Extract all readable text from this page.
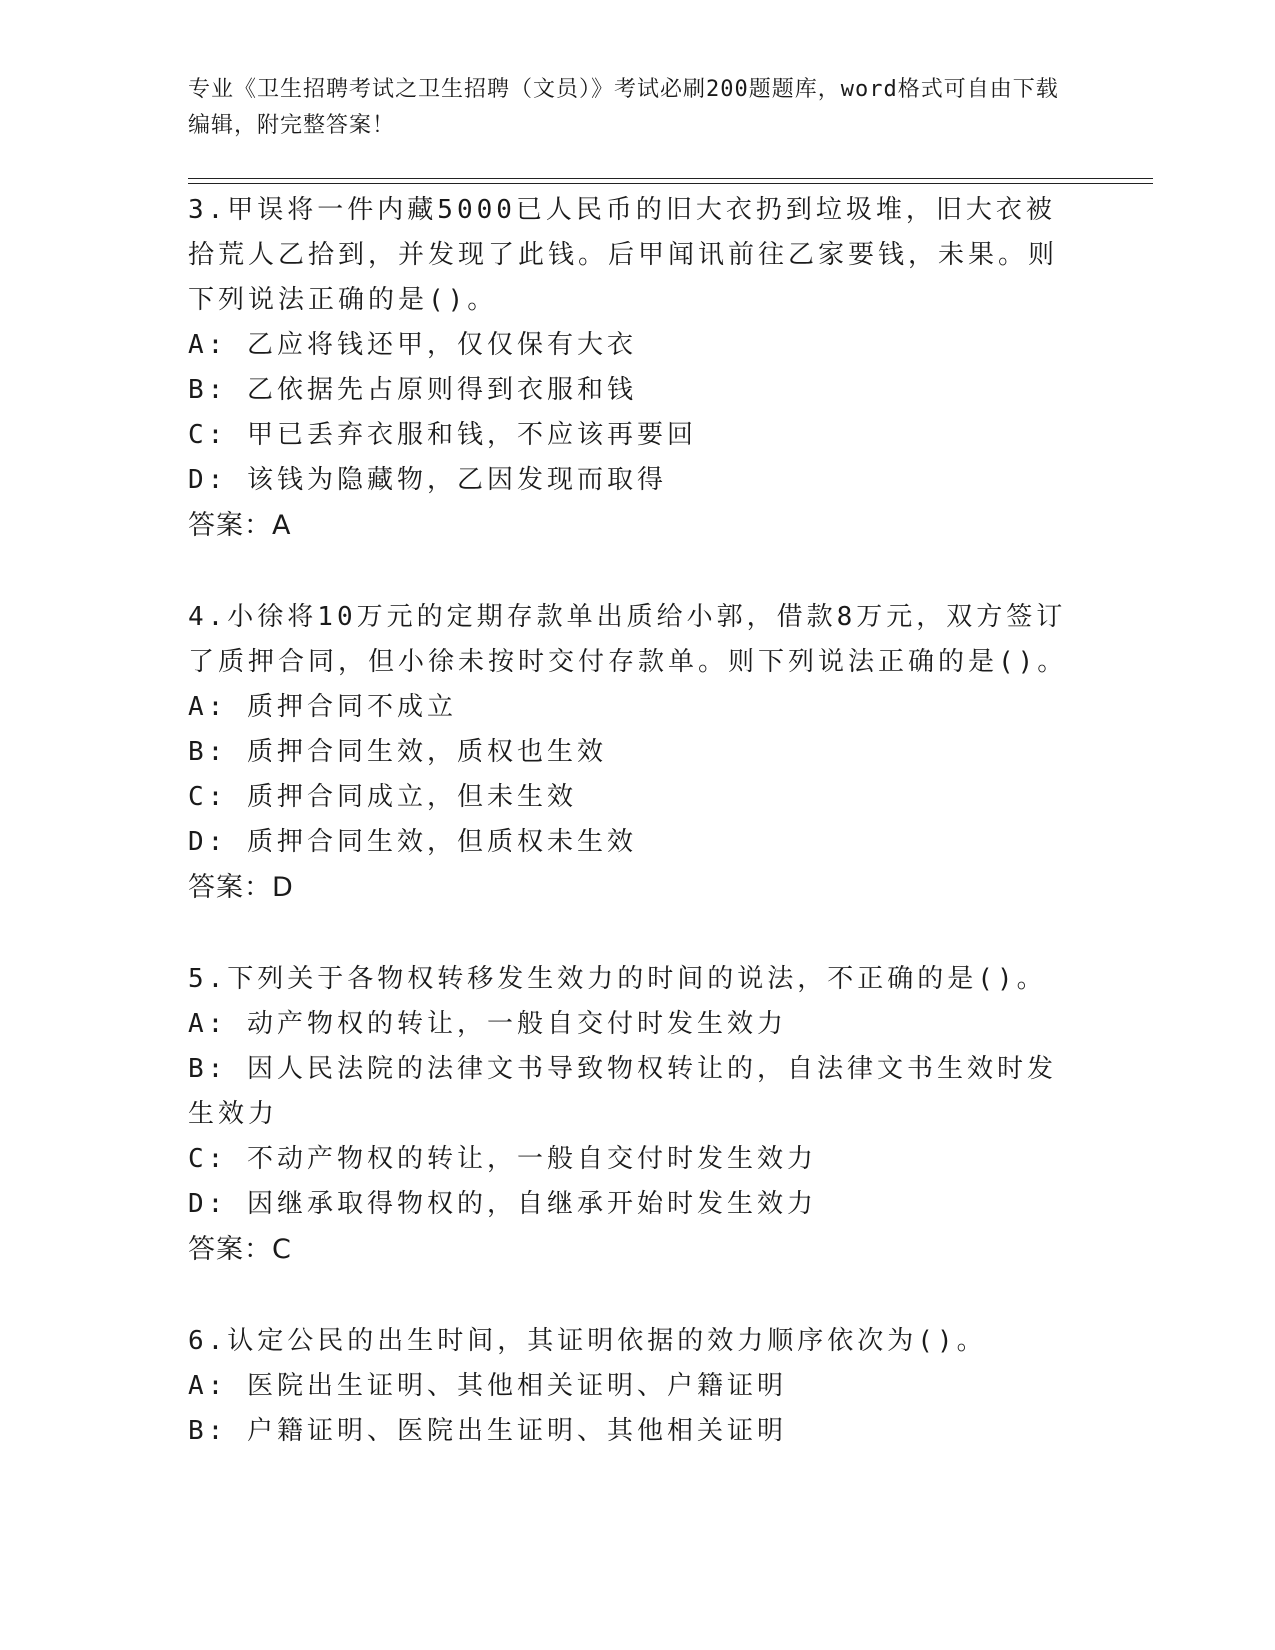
专业《卫生招聘考试之卫生招聘（文员）》考试必刷200题题库，word格式可自由下载编辑，附完整答案！

3.甲误将一件内藏5000已人民币的旧大衣扔到垃圾堆，旧大衣被拾荒人乙拾到，并发现了此钱。后甲闻讯前往乙家要钱，未果。则下列说法正确的是()。

A: 乙应将钱还甲，仅仅保有大衣

B: 乙依据先占原则得到衣服和钱

C: 甲已丢弃衣服和钱，不应该再要回

D: 该钱为隐藏物，乙因发现而取得

答案：A

4.小徐将10万元的定期存款单出质给小郭，借款8万元，双方签订了质押合同，但小徐未按时交付存款单。则下列说法正确的是()。

A: 质押合同不成立

B: 质押合同生效，质权也生效

C: 质押合同成立，但未生效

D: 质押合同生效，但质权未生效

答案：D

5.下列关于各物权转移发生效力的时间的说法，不正确的是()。

A: 动产物权的转让，一般自交付时发生效力

B: 因人民法院的法律文书导致物权转让的，自法律文书生效时发生效力

C: 不动产物权的转让，一般自交付时发生效力

D: 因继承取得物权的，自继承开始时发生效力

答案：C

6.认定公民的出生时间，其证明依据的效力顺序依次为()。

A: 医院出生证明、其他相关证明、户籍证明

B: 户籍证明、医院出生证明、其他相关证明
